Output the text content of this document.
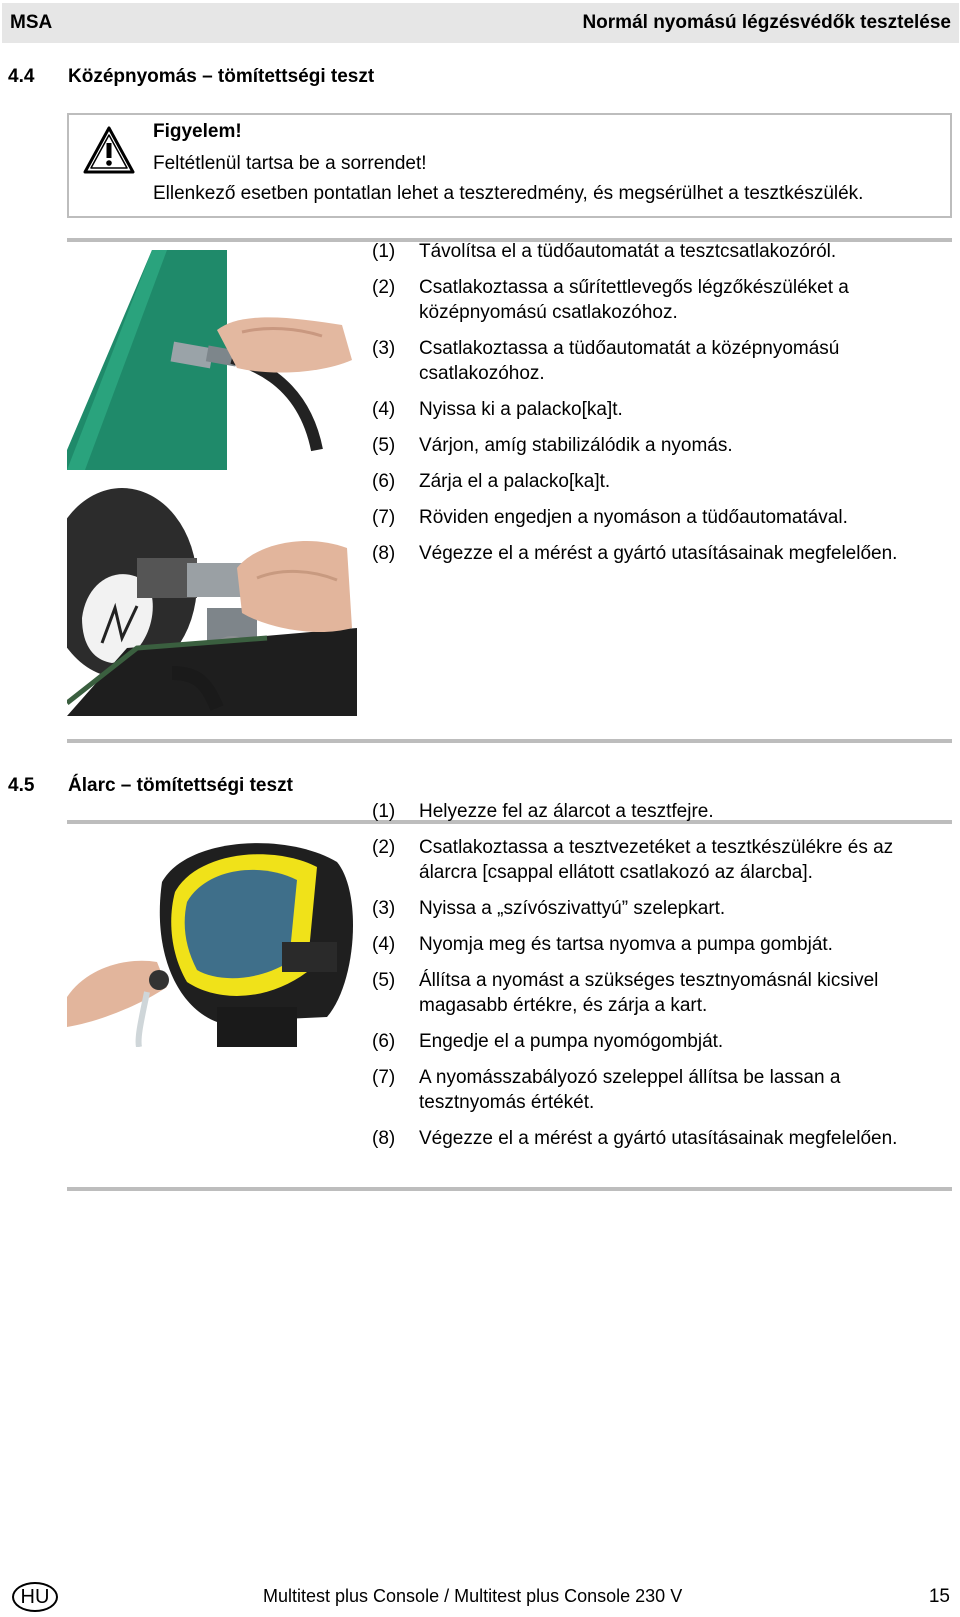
MSA	Normál nyomású légzésvédők tesztelése
4.4	Középnyomás – tömítettségi teszt
Figyelem!
Feltétlenül tartsa be a sorrendet!
Ellenkező esetben pontatlan lehet a teszteredmény, és megsérülhet a tesztkészülék.
(1)	Távolítsa el a tüdőautomatát a tesztcsatlakozóról.
(2)	Csatlakoztassa a sűrítettlevegős légzőkészüléket a középnyomású csatlakozóhoz.
(3)	Csatlakoztassa a tüdőautomatát a középnyomású csatlakozóhoz.
(4)	Nyissa ki a palacko[ka]t.
(5)	Várjon, amíg stabilizálódik a nyomás.
(6)	Zárja el a palacko[ka]t.
(7)	Röviden engedjen a nyomáson a tüdőautomatával.
(8)	Végezze el a mérést a gyártó utasításainak megfelelően.
4.5	Álarc – tömítettségi teszt
(1)	Helyezze fel az álarcot a tesztfejre.
(2)	Csatlakoztassa a tesztvezetéket a tesztkészülékre és az álarcra [csappal ellátott csatlakozó az álarcba].
(3)	Nyissa a „szívószivattyú” szelepkart.
(4)	Nyomja meg és tartsa nyomva a pumpa gombját.
(5)	Állítsa a nyomást a szükséges tesztnyomásnál kicsivel magasabb értékre, és zárja a kart.
(6)	Engedje el a pumpa nyomógombját.
(7)	A nyomásszabályozó szeleppel állítsa be lassan a tesztnyomás értékét.
(8)	Végezze el a mérést a gyártó utasításainak megfelelően.
HU	Multitest plus Console / Multitest plus Console 230 V	15
